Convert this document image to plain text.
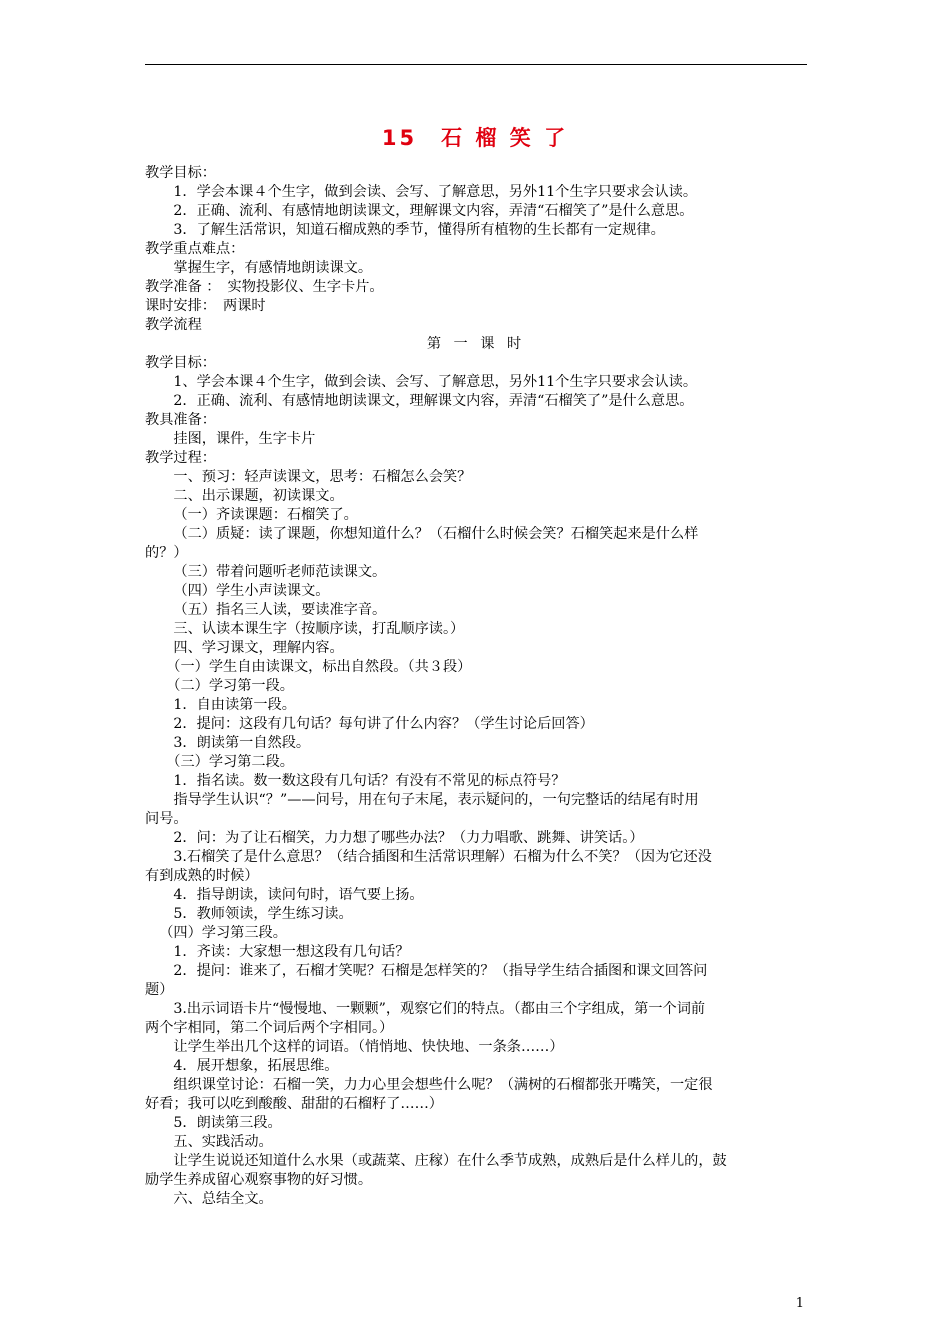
15　石 榴 笑 了
教学目标：
1．学会本课４个生字，做到会读、会写、了解意思，另外11个生字只要求会认读。
2．正确、流利、有感情地朗读课文，理解课文内容，弄清“石榴笑了”是什么意思。
3．了解生活常识，知道石榴成熟的季节，懂得所有植物的生长都有一定规律。
教学重点难点：
掌握生字，有感情地朗读课文。
教学准备 ：　实物投影仪、生字卡片。
课时安排：　两课时
教学流程
第 一 课 时
教学目标：
1、学会本课４个生字，做到会读、会写、了解意思，另外11个生字只要求会认读。
2．正确、流利、有感情地朗读课文，理解课文内容，弄清“石榴笑了”是什么意思。
教具准备：
挂图，课件，生字卡片
教学过程：
一、预习：轻声读课文，思考：石榴怎么会笑？
二、出示课题，初读课文。
（一）齐读课题：石榴笑了。
（二）质疑：读了课题，你想知道什么？（石榴什么时候会笑？石榴笑起来是什么样
的？）
（三）带着问题听老师范读课文。
（四）学生小声读课文。
（五）指名三人读，要读准字音。
三、认读本课生字（按顺序读，打乱顺序读。）
四、学习课文，理解内容。
（一）学生自由读课文，标出自然段。（共３段）
（二）学习第一段。
1．自由读第一段。
2．提问：这段有几句话？每句讲了什么内容？（学生讨论后回答）
3．朗读第一自然段。
（三）学习第二段。
1．指名读。数一数这段有几句话？有没有不常见的标点符号？
指导学生认识“？”——问号，用在句子末尾，表示疑问的，一句完整话的结尾有时用
问号。
2．问：为了让石榴笑，力力想了哪些办法？（力力唱歌、跳舞、讲笑话。）
3.石榴笑了是什么意思？（结合插图和生活常识理解）石榴为什么不笑？（因为它还没
有到成熟的时候）
4．指导朗读，读问句时，语气要上扬。
5．教师领读，学生练习读。
（四）学习第三段。
1．齐读：大家想一想这段有几句话？
2．提问：谁来了，石榴才笑呢？石榴是怎样笑的？（指导学生结合插图和课文回答问
题）
3.出示词语卡片“慢慢地、一颗颗”，观察它们的特点。（都由三个字组成，第一个词前
两个字相同，第二个词后两个字相同。）
让学生举出几个这样的词语。（悄悄地、快快地、一条条……）
4．展开想象，拓展思维。
组织课堂讨论：石榴一笑，力力心里会想些什么呢？（满树的石榴都张开嘴笑，一定很
好看；我可以吃到酸酸、甜甜的石榴籽了……）
5．朗读第三段。
五、实践活动。
让学生说说还知道什么水果（或蔬菜、庄稼）在什么季节成熟，成熟后是什么样儿的，鼓
励学生养成留心观察事物的好习惯。
六、总结全文。
1
